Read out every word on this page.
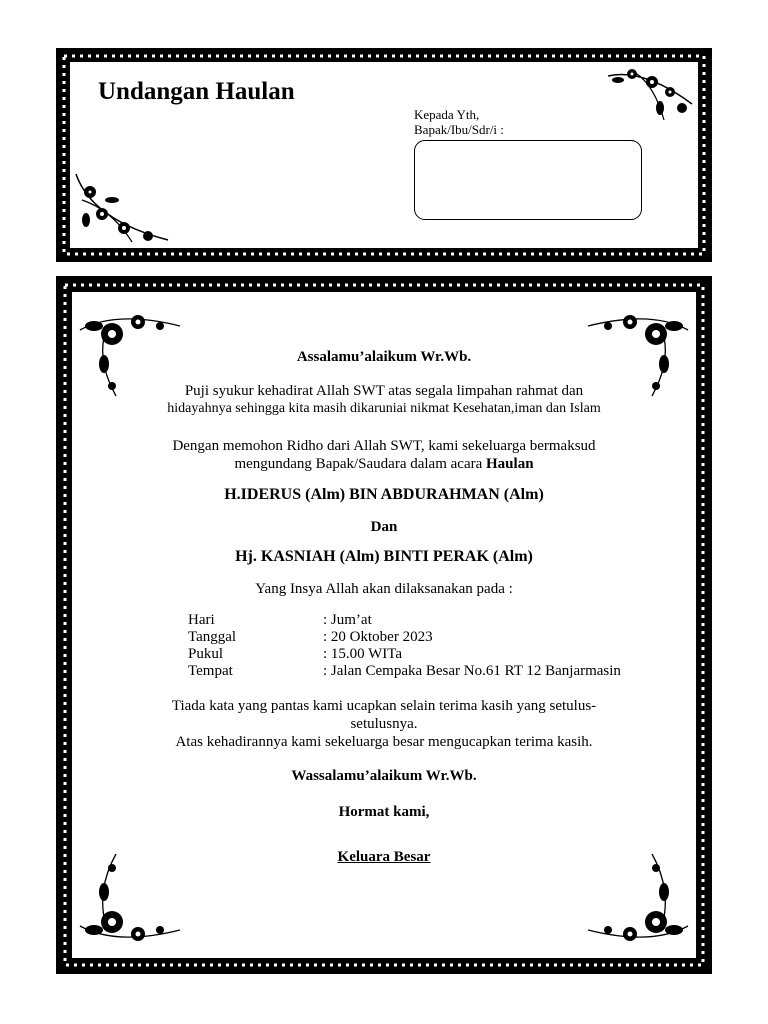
Undangan Haulan
Kepada Yth,
Bapak/Ibu/Sdr/i :
Assalamu’alaikum Wr.Wb.
Puji syukur kehadirat Allah SWT atas segala limpahan rahmat dan
hidayahnya sehingga kita masih dikaruniai nikmat Kesehatan,iman dan Islam
Dengan memohon Ridho dari Allah SWT, kami sekeluarga bermaksud
mengundang Bapak/Saudara dalam acara Haulan
H.IDERUS (Alm) BIN ABDURAHMAN (Alm)
Dan
Hj. KASNIAH (Alm) BINTI PERAK (Alm)
Yang Insya Allah akan dilaksanakan pada :
Hari	: Jum’at
Tanggal	: 20 Oktober 2023
Pukul	: 15.00 WITa
Tempat	: Jalan Cempaka Besar No.61 RT 12 Banjarmasin
Tiada kata yang pantas kami ucapkan selain terima kasih yang setulus-
setulusnya.
Atas kehadirannya kami sekeluarga besar mengucapkan terima kasih.
Wassalamu’alaikum Wr.Wb.
Hormat kami,
Keluara Besar
